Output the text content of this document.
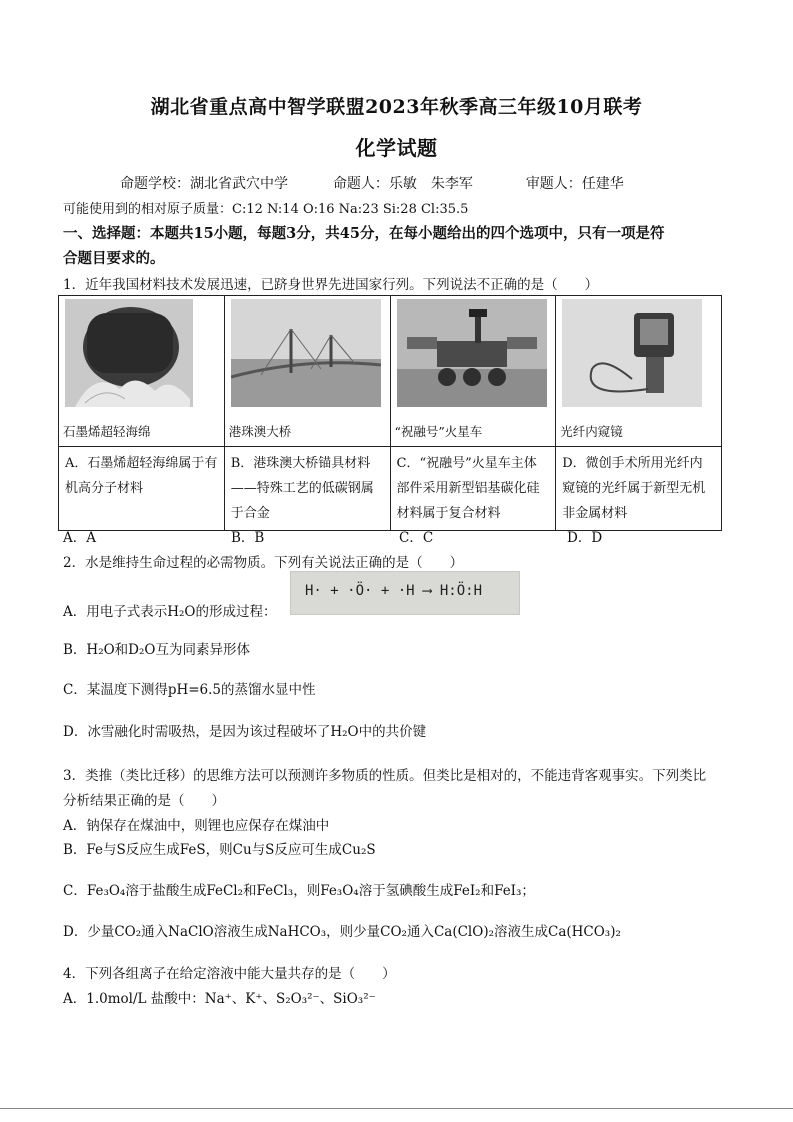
湖北省重点高中智学联盟2023年秋季高三年级10月联考
化学试题
命题学校：湖北省武穴中学	命题人：乐敏　朱李军	审题人：任建华
可能使用到的相对原子质量：C:12 N:14 O:16 Na:23 Si:28 Cl:35.5
一、选择题：本题共15小题，每题3分，共45分，在每小题给出的四个选项中，只有一项是符
合题目要求的。
1．近年我国材料技术发展迅速，已跻身世界先进国家行列。下列说法不正确的是（　　）
石墨烯超轻海绵	港珠澳大桥	“祝融号”火星车	光纤内窥镜

A．石墨烯超轻海绵属于有机高分子材料	B．港珠澳大桥锚具材料——特殊工艺的低碳钢属于合金	C．“祝融号”火星车主体部件采用新型铝基碳化硅材料属于复合材料	D．微创手术所用光纤内窥镜的光纤属于新型无机非金属材料
A．A	B．B	C．C	D．D
2．水是维持生命过程的必需物质。下列有关说法正确的是（　　）
A．用电子式表示H₂O的形成过程：
H· + ·Ö· + ·H ⟶ H:Ö:H
B．H₂O和D₂O互为同素异形体
C．某温度下测得pH=6.5的蒸馏水显中性
D．冰雪融化时需吸热，是因为该过程破坏了H₂O中的共价键
3．类推（类比迁移）的思维方法可以预测许多物质的性质。但类比是相对的，不能违背客观事实。下列类比
分析结果正确的是（　　）
A．钠保存在煤油中，则锂也应保存在煤油中
B．Fe与S反应生成FeS，则Cu与S反应可生成Cu₂S
C．Fe₃O₄溶于盐酸生成FeCl₂和FeCl₃，则Fe₃O₄溶于氢碘酸生成FeI₂和FeI₃；
D．少量CO₂通入NaClO溶液生成NaHCO₃，则少量CO₂通入Ca(ClO)₂溶液生成Ca(HCO₃)₂
4．下列各组离子在给定溶液中能大量共存的是（　　）
A．1.0mol/L 盐酸中：Na⁺、K⁺、S₂O₃²⁻、SiO₃²⁻
